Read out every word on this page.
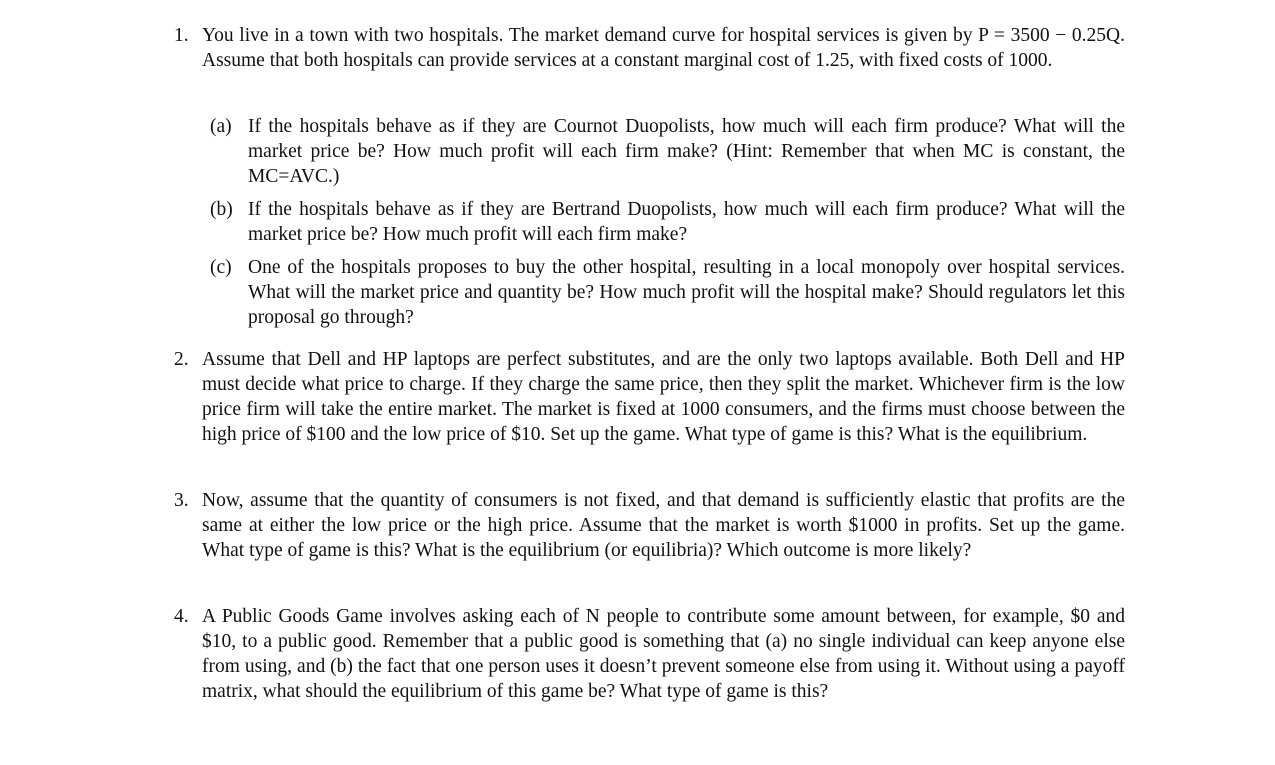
1. You live in a town with two hospitals. The market demand curve for hospital services is given by P = 3500 − 0.25Q. Assume that both hospitals can provide services at a constant marginal cost of 1.25, with fixed costs of 1000.
(a) If the hospitals behave as if they are Cournot Duopolists, how much will each firm produce? What will the market price be? How much profit will each firm make? (Hint: Remember that when MC is constant, the MC=AVC.)
(b) If the hospitals behave as if they are Bertrand Duopolists, how much will each firm produce? What will the market price be? How much profit will each firm make?
(c) One of the hospitals proposes to buy the other hospital, resulting in a local monopoly over hospital services. What will the market price and quantity be? How much profit will the hospital make? Should regulators let this proposal go through?
2. Assume that Dell and HP laptops are perfect substitutes, and are the only two laptops available. Both Dell and HP must decide what price to charge. If they charge the same price, then they split the market. Whichever firm is the low price firm will take the entire market. The market is fixed at 1000 consumers, and the firms must choose between the high price of $100 and the low price of $10. Set up the game. What type of game is this? What is the equilibrium.
3. Now, assume that the quantity of consumers is not fixed, and that demand is sufficiently elastic that profits are the same at either the low price or the high price. Assume that the market is worth $1000 in profits. Set up the game. What type of game is this? What is the equilibrium (or equilibria)? Which outcome is more likely?
4. A Public Goods Game involves asking each of N people to contribute some amount between, for example, $0 and $10, to a public good. Remember that a public good is something that (a) no single individual can keep anyone else from using, and (b) the fact that one person uses it doesn’t prevent someone else from using it. Without using a payoff matrix, what should the equilibrium of this game be? What type of game is this?
